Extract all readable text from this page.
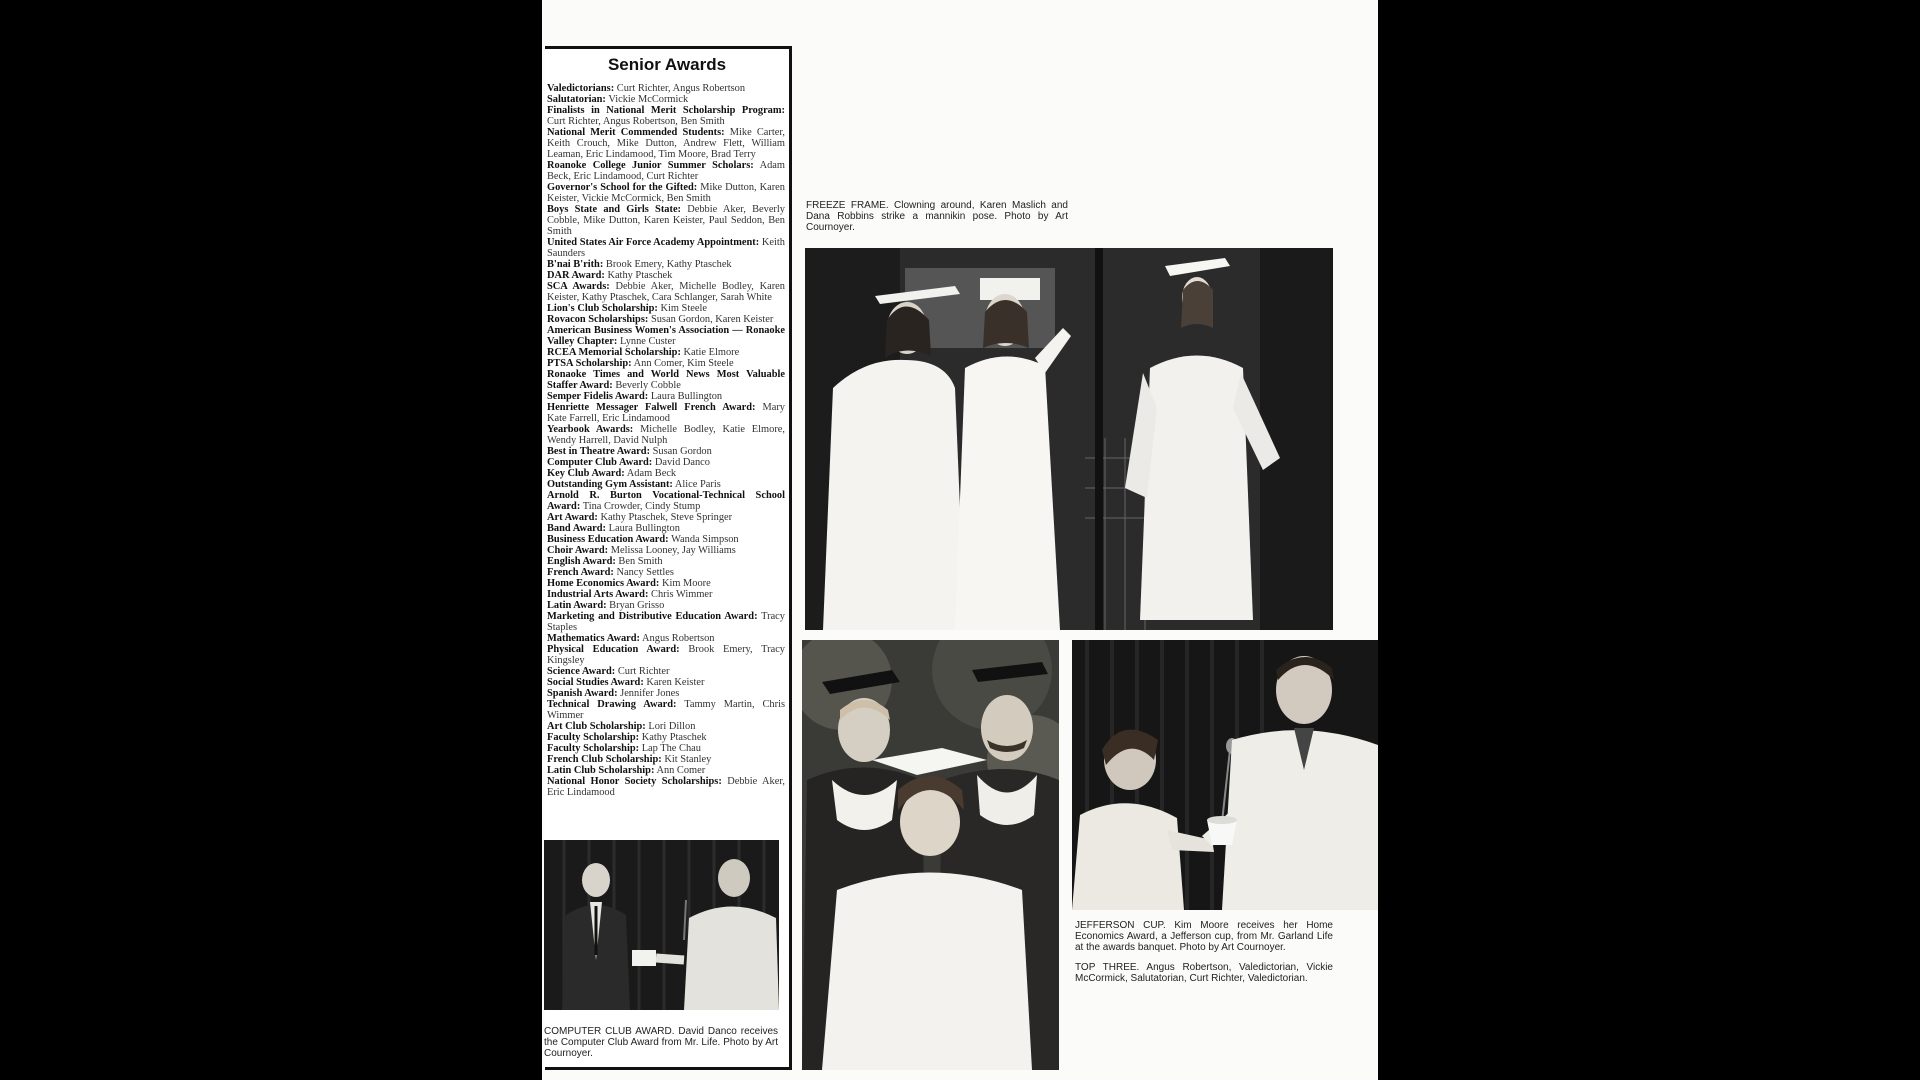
Senior Awards
Valedictorians: Curt Richter, Angus Robertson
Salutatorian: Vickie McCormick
Finalists in National Merit Scholarship Program: Curt Richter, Angus Robertson, Ben Smith
National Merit Commended Students: Mike Carter, Keith Crouch, Mike Dutton, Andrew Flett, William Leaman, Eric Lindamood, Tim Moore, Brad Terry
Roanoke College Junior Summer Scholars: Adam Beck, Eric Lindamood, Curt Richter
Governor's School for the Gifted: Mike Dutton, Karen Keister, Vickie McCormick, Ben Smith
Boys State and Girls State: Debbie Aker, Beverly Cobble, Mike Dutton, Karen Keister, Paul Seddon, Ben Smith
United States Air Force Academy Appointment: Keith Saunders
B'nai B'rith: Brook Emery, Kathy Ptaschek
DAR Award: Kathy Ptaschek
SCA Awards: Debbie Aker, Michelle Bodley, Karen Keister, Kathy Ptaschek, Cara Schlanger, Sarah White
Lion's Club Scholarship: Kim Steele
Rovacon Scholarships: Susan Gordon, Karen Keister
American Business Women's Association — Ronaoke Valley Chapter: Lynne Custer
RCEA Memorial Scholarship: Katie Elmore
PTSA Scholarship: Ann Comer, Kim Steele
Ronaoke Times and World News Most Valuable Staffer Award: Beverly Cobble
Semper Fidelis Award: Laura Bullington
Henriette Messager Falwell French Award: Mary Kate Farrell, Eric Lindamood
Yearbook Awards: Michelle Bodley, Katie Elmore, Wendy Harrell, David Nulph
Best in Theatre Award: Susan Gordon
Computer Club Award: David Danco
Key Club Award: Adam Beck
Outstanding Gym Assistant: Alice Paris
Arnold R. Burton Vocational-Technical School Award: Tina Crowder, Cindy Stump
Art Award: Kathy Ptaschek, Steve Springer
Band Award: Laura Bullington
Business Education Award: Wanda Simpson
Choir Award: Melissa Looney, Jay Williams
English Award: Ben Smith
French Award: Nancy Settles
Home Economics Award: Kim Moore
Industrial Arts Award: Chris Wimmer
Latin Award: Bryan Grisso
Marketing and Distributive Education Award: Tracy Staples
Mathematics Award: Angus Robertson
Physical Education Award: Brook Emery, Tracy Kingsley
Science Award: Curt Richter
Social Studies Award: Karen Keister
Spanish Award: Jennifer Jones
Technical Drawing Award: Tammy Martin, Chris Wimmer
Art Club Scholarship: Lori Dillon
Faculty Scholarship: Kathy Ptaschek
Faculty Scholarship: Lap The Chau
French Club Scholarship: Kit Stanley
Latin Club Scholarship: Ann Comer
National Honor Society Scholarships: Debbie Aker, Eric Lindamood
COMPUTER CLUB AWARD. David Danco receives the Computer Club Award from Mr. Life. Photo by Art Cournoyer.
FREEZE FRAME. Clowning around, Karen Maslich and Dana Robbins strike a mannikin pose. Photo by Art Cournoyer.
JEFFERSON CUP. Kim Moore receives her Home Economics Award, a Jefferson cup, from Mr. Garland Life at the awards banquet. Photo by Art Cournoyer.
TOP THREE. Angus Robertson, Valedictorian, Vickie McCormick, Salutatorian, Curt Richter, Valedictorian.
